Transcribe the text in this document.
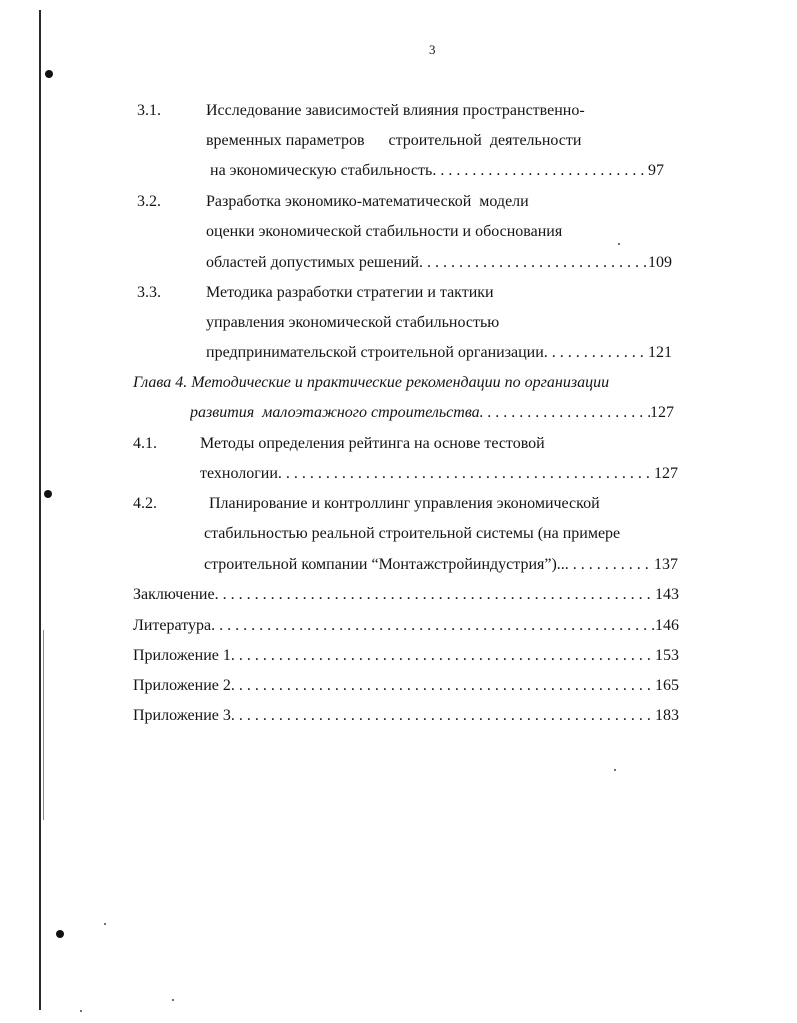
3
3.1.	Исследование зависимостей влияния пространственно-
временных параметров      строительной  деятельности
на экономическую стабильность . . .	97
3.2.	Разработка экономико-математической  модели
оценки экономической стабильности и обоснования
областей допустимых решений . . .	109
3.3.	Методика разработки стратегии и тактики
управления экономической стабильностью
предпринимательской строительной организации . . .	121
Глава 4. Методические и практические рекомендации по организации
развития  малоэтажного строительства . . .	127
4.1.	Методы определения рейтинга на основе тестовой
технологии . . .	127
4.2.	Планирование и контроллинг управления экономической
стабильностью реальной строительной системы (на примере
строительной компании “Монтажстройиндустрия”).. . . .	137
Заключение . . .	143
Литература . . .	146
Приложение 1 . . .	153
Приложение 2 . . .	165
Приложение 3 . . .	183
